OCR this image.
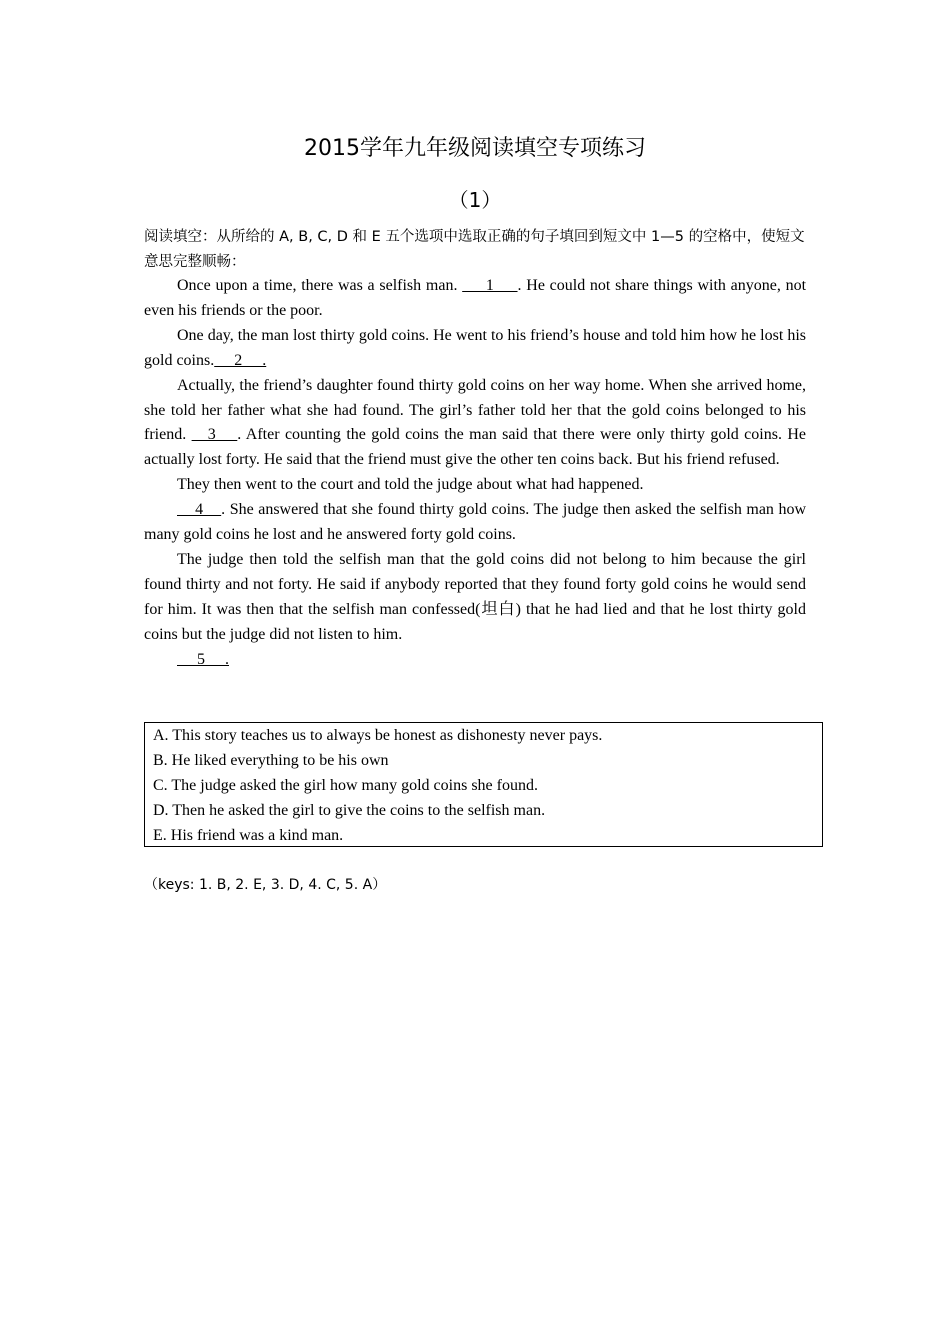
2015学年九年级阅读填空专项练习
（1）
阅读填空：从所给的 A, B, C, D 和 E 五个选项中选取正确的句子填回到短文中 1—5 的空格中，使短文意思完整顺畅：

Once upon a time, there was a selfish man.      1     . He could not share things with anyone, not even his friends or the poor.

One day, the man lost thirty gold coins. He went to his friend’s house and told him how he lost his gold coins.     2     .

Actually, the friend’s daughter found thirty gold coins on her way home. When she arrived home, she told her father what she had found. The girl’s father told her that the gold coins belonged to his friend.    3    . After counting the gold coins the man said that there were only thirty gold coins. He actually lost forty. He said that the friend must give the other ten coins back. But his friend refused.

They then went to the court and told the judge about what had happened.

4    . She answered that she found thirty gold coins. The judge then asked the selfish man how many gold coins he lost and he answered forty gold coins.

The judge then told the selfish man that the gold coins did not belong to him because the girl found thirty and not forty. He said if anybody reported that they found forty gold coins he would send for him. It was then that the selfish man confessed(坦白) that he had lied and that he lost thirty gold coins but the judge did not listen to him.

5     .

A. This story teaches us to always be honest as dishonesty never pays.
B. He liked everything to be his own
C. The judge asked the girl how many gold coins she found.
D. Then he asked the girl to give the coins to the selfish man.
E. His friend was a kind man.
（keys: 1. B, 2. E, 3. D, 4. C, 5. A）
